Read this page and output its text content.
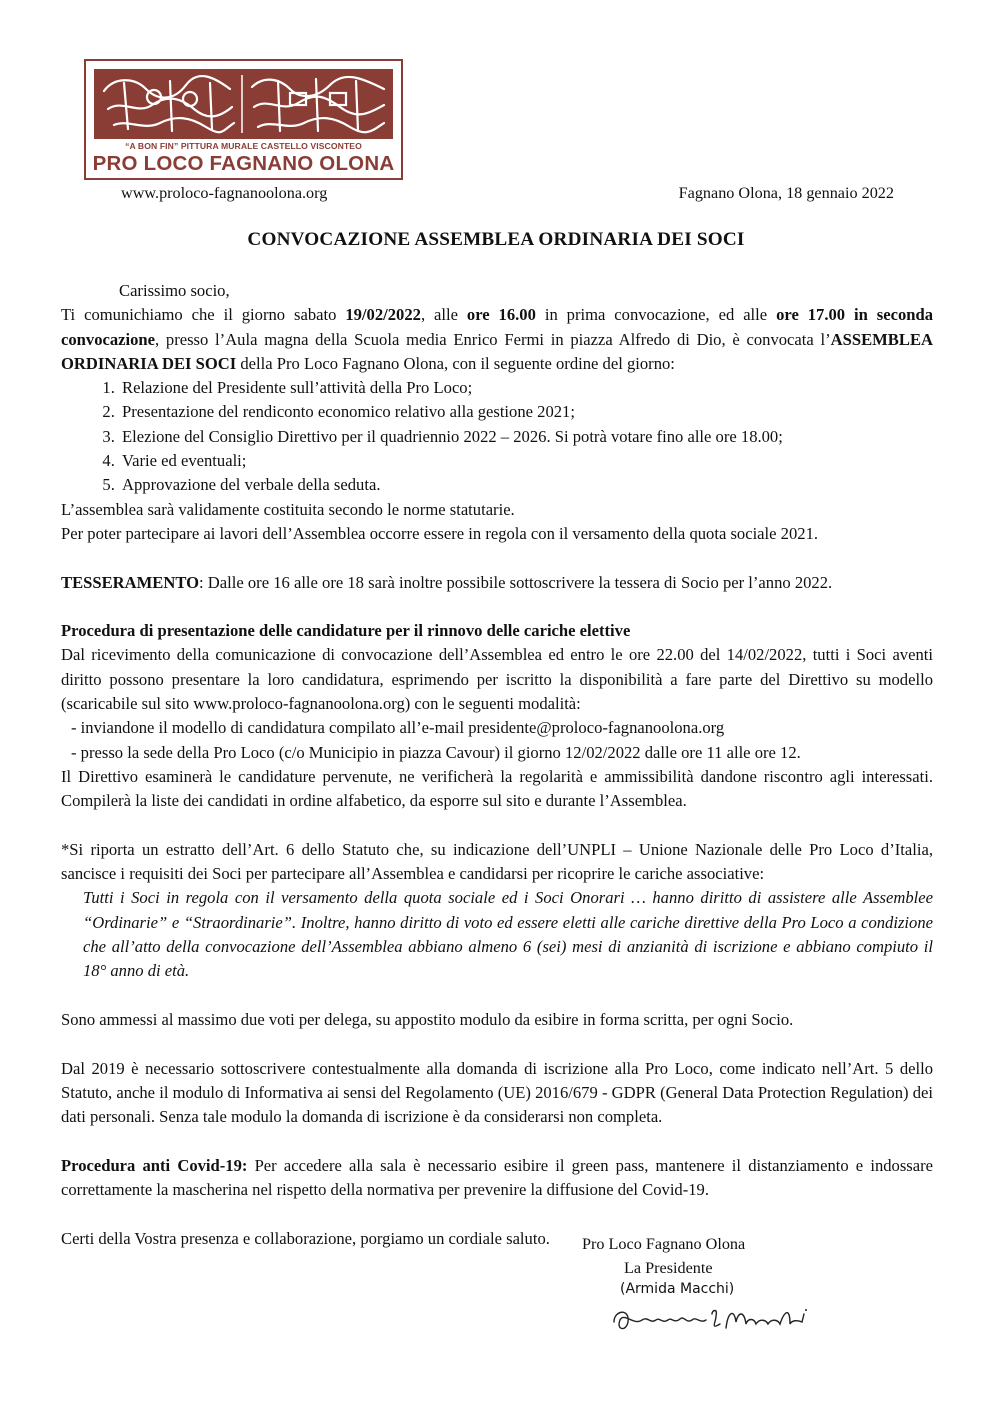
“A BON FIN” PITTURA MURALE CASTELLO VISCONTEO
PRO LOCO FAGNANO OLONA
www.proloco-fagnanoolona.org	Fagnano Olona, 18 gennaio 2022
CONVOCAZIONE ASSEMBLEA ORDINARIA DEI SOCI

Carissimo socio,

Ti comunichiamo che il giorno sabato 19/02/2022, alle ore 16.00 in prima convocazione, ed alle ore 17.00 in seconda convocazione, presso l’Aula magna della Scuola media Enrico Fermi in piazza Alfredo di Dio, è convocata l’ASSEMBLEA ORDINARIA DEI SOCI della Pro Loco Fagnano Olona, con il seguente ordine del giorno:

1. Relazione del Presidente sull’attività della Pro Loco;
2. Presentazione del rendiconto economico relativo alla gestione 2021;
3. Elezione del Consiglio Direttivo per il quadriennio 2022 – 2026. Si potrà votare fino alle ore 18.00;
4. Varie ed eventuali;
5. Approvazione del verbale della seduta.

L’assemblea sarà validamente costituita secondo le norme statutarie.

Per poter partecipare ai lavori dell’Assemblea occorre essere in regola con il versamento della quota sociale 2021.

TESSERAMENTO: Dalle ore 16 alle ore 18 sarà inoltre possibile sottoscrivere la tessera di Socio per l’anno 2022.

Procedura di presentazione delle candidature per il rinnovo delle cariche elettive

Dal ricevimento della comunicazione di convocazione dell’Assemblea ed entro le ore 22.00 del 14/02/2022, tutti i Soci aventi diritto possono presentare la loro candidatura, esprimendo per iscritto la disponibilità a fare parte del Direttivo su modello (scaricabile sul sito www.proloco-fagnanoolona.org) con le seguenti modalità:

- inviandone il modello di candidatura compilato all’e-mail presidente@proloco-fagnanoolona.org

- presso la sede della Pro Loco (c/o Municipio in piazza Cavour) il giorno 12/02/2022 dalle ore 11 alle ore 12.

Il Direttivo esaminerà le candidature pervenute, ne verificherà la regolarità e ammissibilità dandone riscontro agli interessati. Compilerà la liste dei candidati in ordine alfabetico, da esporre sul sito e durante l’Assemblea.

*Si riporta un estratto dell’Art. 6 dello Statuto che, su indicazione dell’UNPLI – Unione Nazionale delle Pro Loco d’Italia, sancisce i requisiti dei Soci per partecipare all’Assemblea e candidarsi per ricoprire le cariche associative:

Tutti i Soci in regola con il versamento della quota sociale ed i Soci Onorari … hanno diritto di assistere alle Assemblee “Ordinarie” e “Straordinarie”. Inoltre, hanno diritto di voto ed essere eletti alle cariche direttive della Pro Loco a condizione che all’atto della convocazione dell’Assemblea abbiano almeno 6 (sei) mesi di anzianità di iscrizione e abbiano compiuto il 18° anno di età.

Sono ammessi al massimo due voti per delega, su appostito modulo da esibire in forma scritta, per ogni Socio.

Dal 2019 è necessario sottoscrivere contestualmente alla domanda di iscrizione alla Pro Loco, come indicato nell’Art. 5 dello Statuto, anche il modulo di Informativa ai sensi del Regolamento (UE) 2016/679 - GDPR (General Data Protection Regulation) dei dati personali. Senza tale modulo la domanda di iscrizione è da considerarsi non completa.

Procedura anti Covid-19: Per accedere alla sala è necessario esibire il green pass, mantenere il distanziamento e indossare correttamente la mascherina nel rispetto della normativa per prevenire la diffusione del Covid-19.

Certi della Vostra presenza e collaborazione, porgiamo un cordiale saluto.	Pro Loco Fagnano Olona
La Presidente
(Armida Macchi)
